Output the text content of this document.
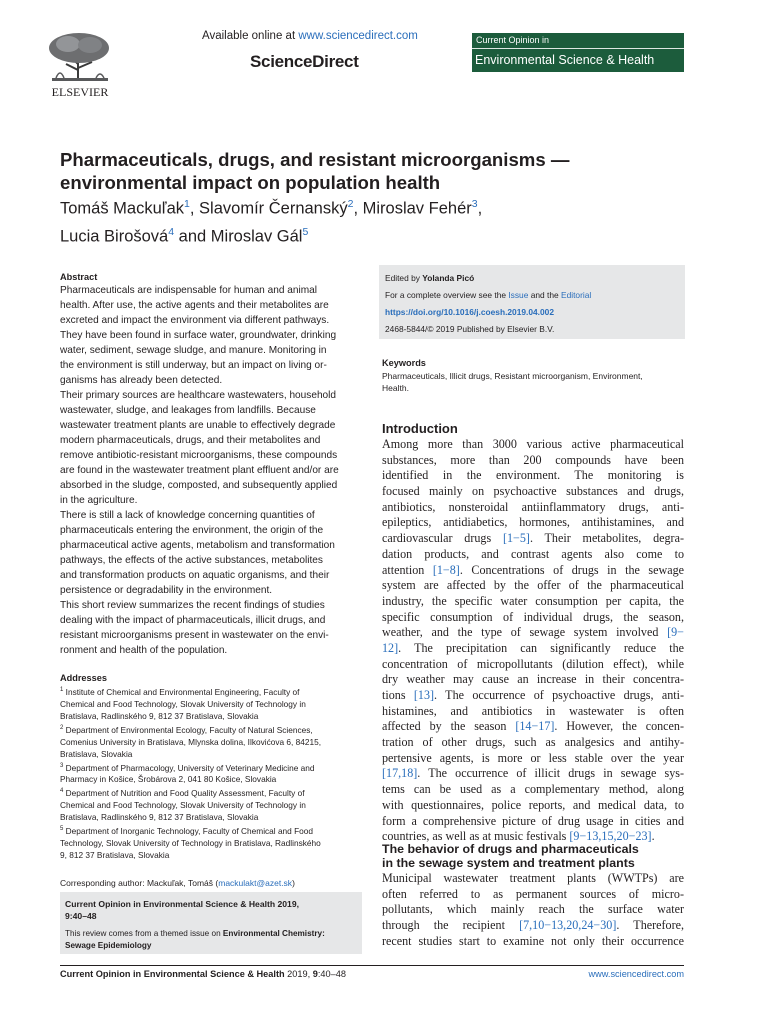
ELSEVIER
Available online at www.sciencedirect.com
ScienceDirect
Current Opinion in
Environmental Science & Health
Pharmaceuticals, drugs, and resistant microorganisms — environmental impact on population health
Tomáš Mackuľak$^1$, Slavomír Černanský$^2$, Miroslav Fehér$^3$,
Lucia Birošová$^4$ and Miroslav Gál$^5$
Abstract
Pharmaceuticals are indispensable for human and animal
health. After use, the active agents and their metabolites are
excreted and impact the environment via different pathways.
They have been found in surface water, groundwater, drinking
water, sediment, sewage sludge, and manure. Monitoring in
the environment is still underway, but an impact on living or-
ganisms has already been detected.
Their primary sources are healthcare wastewaters, household
wastewater, sludge, and leakages from landfills. Because
wastewater treatment plants are unable to effectively degrade
modern pharmaceuticals, drugs, and their metabolites and
remove antibiotic-resistant microorganisms, these compounds
are found in the wastewater treatment plant effluent and/or are
absorbed in the sludge, composted, and subsequently applied
in the agriculture.
There is still a lack of knowledge concerning quantities of
pharmaceuticals entering the environment, the origin of the
pharmaceutical active agents, metabolism and transformation
pathways, the effects of the active substances, metabolites
and transformation products on aquatic organisms, and their
persistence or degradability in the environment.
This short review summarizes the recent findings of studies
dealing with the impact of pharmaceuticals, illicit drugs, and
resistant microorganisms present in wastewater on the envi-
ronment and health of the population.
Addresses
$^1$ Institute of Chemical and Environmental Engineering, Faculty of
Chemical and Food Technology, Slovak University of Technology in
Bratislava, Radlinského 9, 812 37 Bratislava, Slovakia
$^2$ Department of Environmental Ecology, Faculty of Natural Sciences,
Comenius University in Bratislava, Mlynska dolina, Ilkovićova 6, 84215,
Bratislava, Slovakia
$^3$ Department of Pharmacology, University of Veterinary Medicine and
Pharmacy in Košice, Šrobárova 2, 041 80 Košice, Slovakia
$^4$ Department of Nutrition and Food Quality Assessment, Faculty of
Chemical and Food Technology, Slovak University of Technology in
Bratislava, Radlinského 9, 812 37 Bratislava, Slovakia
$^5$ Department of Inorganic Technology, Faculty of Chemical and Food
Technology, Slovak University of Technology in Bratislava, Radlinského
9, 812 37 Bratislava, Slovakia
Corresponding author: Mackuľak, Tomáš (mackulakt@azet.sk)
Current Opinion in Environmental Science & Health 2019,
9:40–48
This review comes from a themed issue on Environmental Chemistry:
Sewage Epidemiology
Edited by Yolanda Picó
For a complete overview see the Issue and the Editorial
https://doi.org/10.1016/j.coesh.2019.04.002
2468-5844/© 2019 Published by Elsevier B.V.
Keywords
Pharmaceuticals, Illicit drugs, Resistant microorganism, Environment,
Health.
Introduction
Among more than 3000 various active pharmaceutical
substances, more than 200 compounds have been
identified in the environment. The monitoring is
focused mainly on psychoactive substances and drugs,
antibiotics, nonsteroidal antiinflammatory drugs, anti-
epileptics, antidiabetics, hormones, antihistamines, and
cardiovascular drugs [1−5]. Their metabolites, degra-
dation products, and contrast agents also come to
attention [1−8]. Concentrations of drugs in the sewage
system are affected by the offer of the pharmaceutical
industry, the specific water consumption per capita, the
specific consumption of individual drugs, the season,
weather, and the type of sewage system involved [9−
12]. The precipitation can significantly reduce the
concentration of micropollutants (dilution effect), while
dry weather may cause an increase in their concentra-
tions [13]. The occurrence of psychoactive drugs, anti-
histamines, and antibiotics in wastewater is often
affected by the season [14−17]. However, the concen-
tration of other drugs, such as analgesics and antihy-
pertensive agents, is more or less stable over the year
[17,18]. The occurrence of illicit drugs in sewage sys-
tems can be used as a complementary method, along
with questionnaires, police reports, and medical data, to
form a comprehensive picture of drug usage in cities and
countries, as well as at music festivals [9−13,15,20−23].
The behavior of drugs and pharmaceuticals
in the sewage system and treatment plants
Municipal wastewater treatment plants (WWTPs) are
often referred to as permanent sources of micro-
pollutants, which mainly reach the surface water
through the recipient [7,10−13,20,24−30]. Therefore,
recent studies start to examine not only their occurrence
Current Opinion in Environmental Science & Health 2019, 9:40–48	www.sciencedirect.com
